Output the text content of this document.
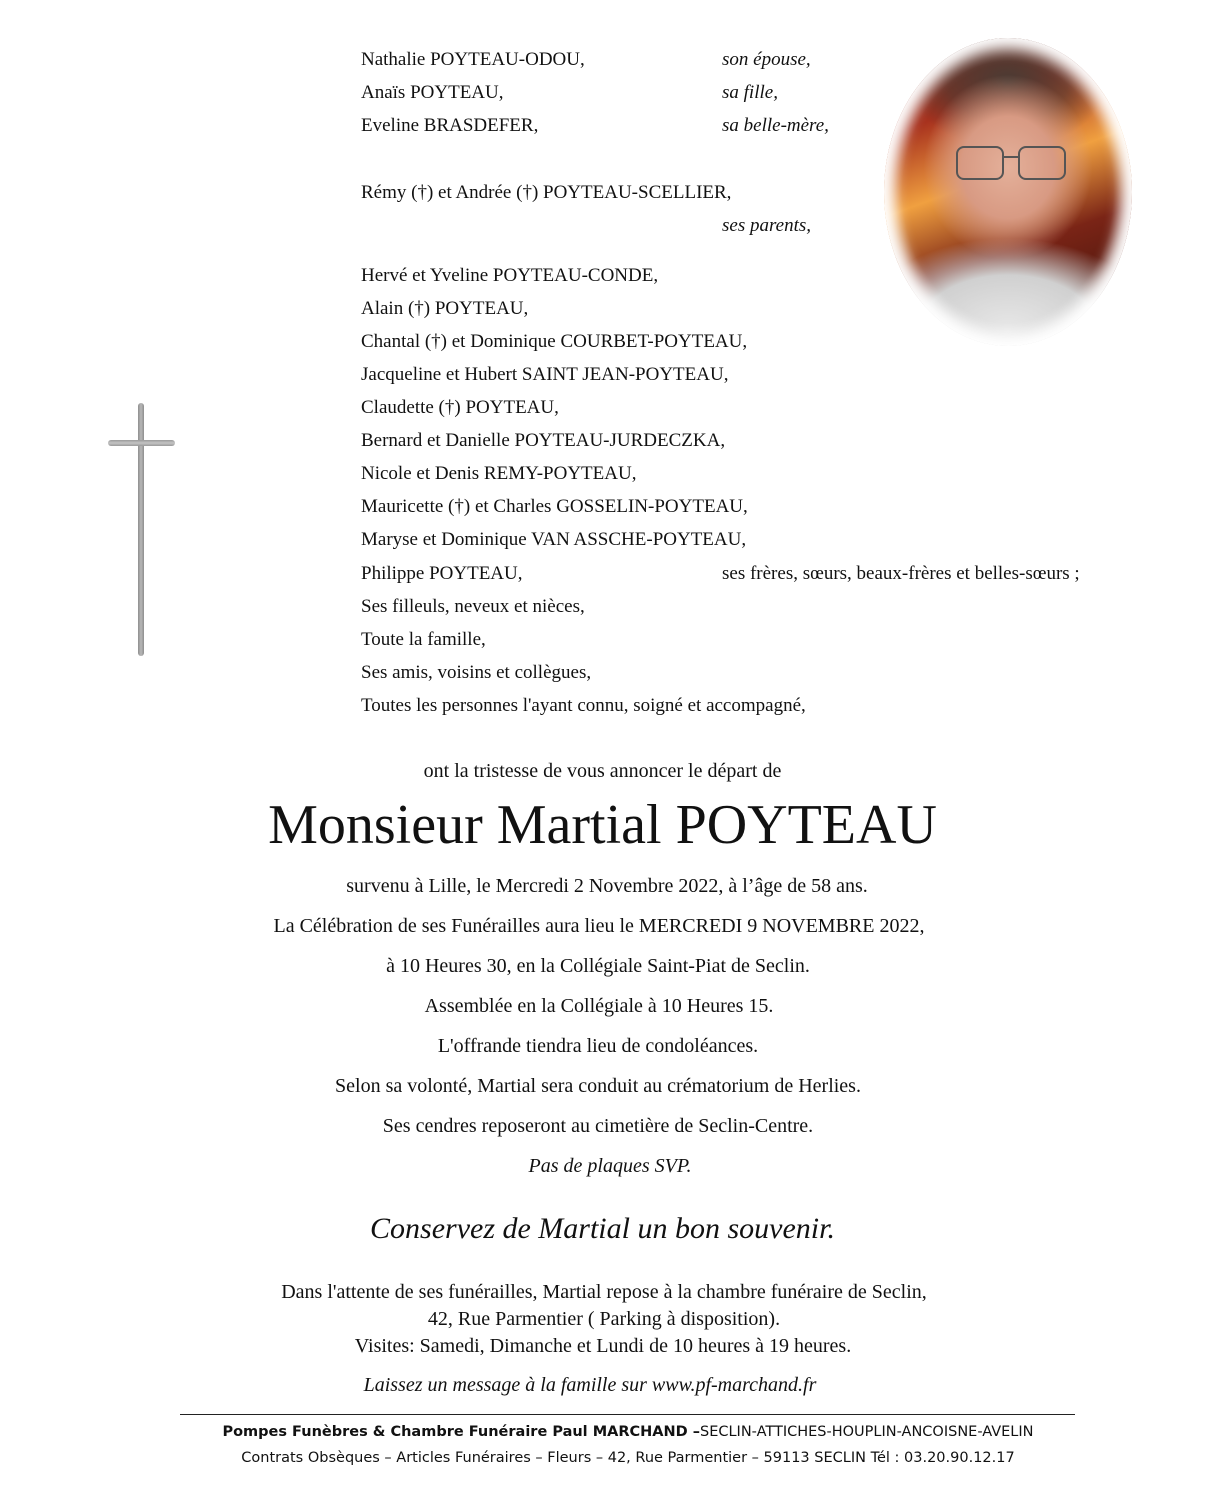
Nathalie POYTEAU-ODOU,	son épouse,
Anaïs POYTEAU,	sa fille,
Eveline BRASDEFER,	sa belle-mère,
Rémy (†) et Andrée (†) POYTEAU-SCELLIER,
ses parents,
Hervé et Yveline POYTEAU-CONDE,
Alain (†) POYTEAU,
Chantal (†) et Dominique COURBET-POYTEAU,
Jacqueline et Hubert SAINT JEAN-POYTEAU,
Claudette (†) POYTEAU,
Bernard et Danielle POYTEAU-JURDECZKA,
Nicole et Denis REMY-POYTEAU,
Mauricette (†) et Charles GOSSELIN-POYTEAU,
Maryse et Dominique VAN ASSCHE-POYTEAU,
Philippe POYTEAU,	ses frères, sœurs, beaux-frères et belles-sœurs ;
Ses filleuls, neveux et nièces,
Toute la famille,
Ses amis, voisins et collègues,
Toutes les personnes l'ayant connu, soigné et accompagné,
ont la tristesse de vous annoncer le départ de
Monsieur Martial POYTEAU
survenu à Lille, le Mercredi 2 Novembre 2022, à l’âge de 58 ans.
La Célébration de ses Funérailles aura lieu le MERCREDI 9 NOVEMBRE 2022,
à 10 Heures 30, en la Collégiale Saint-Piat de Seclin.
Assemblée en la Collégiale à 10 Heures 15.
L'offrande tiendra lieu de condoléances.
Selon sa volonté, Martial sera conduit au crématorium de Herlies.
Ses cendres reposeront au cimetière de Seclin-Centre.
Pas de plaques SVP.
Conservez de Martial un bon souvenir.
Dans l'attente de ses funérailles, Martial repose à la chambre funéraire de Seclin,
42, Rue Parmentier ( Parking à disposition).
Visites: Samedi, Dimanche et Lundi de 10 heures à 19 heures.
Laissez un message à la famille sur www.pf-marchand.fr
Pompes Funèbres & Chambre Funéraire Paul MARCHAND –SECLIN-ATTICHES-HOUPLIN-ANCOISNE-AVELIN
Contrats Obsèques – Articles Funéraires – Fleurs – 42, Rue Parmentier – 59113 SECLIN Tél : 03.20.90.12.17
